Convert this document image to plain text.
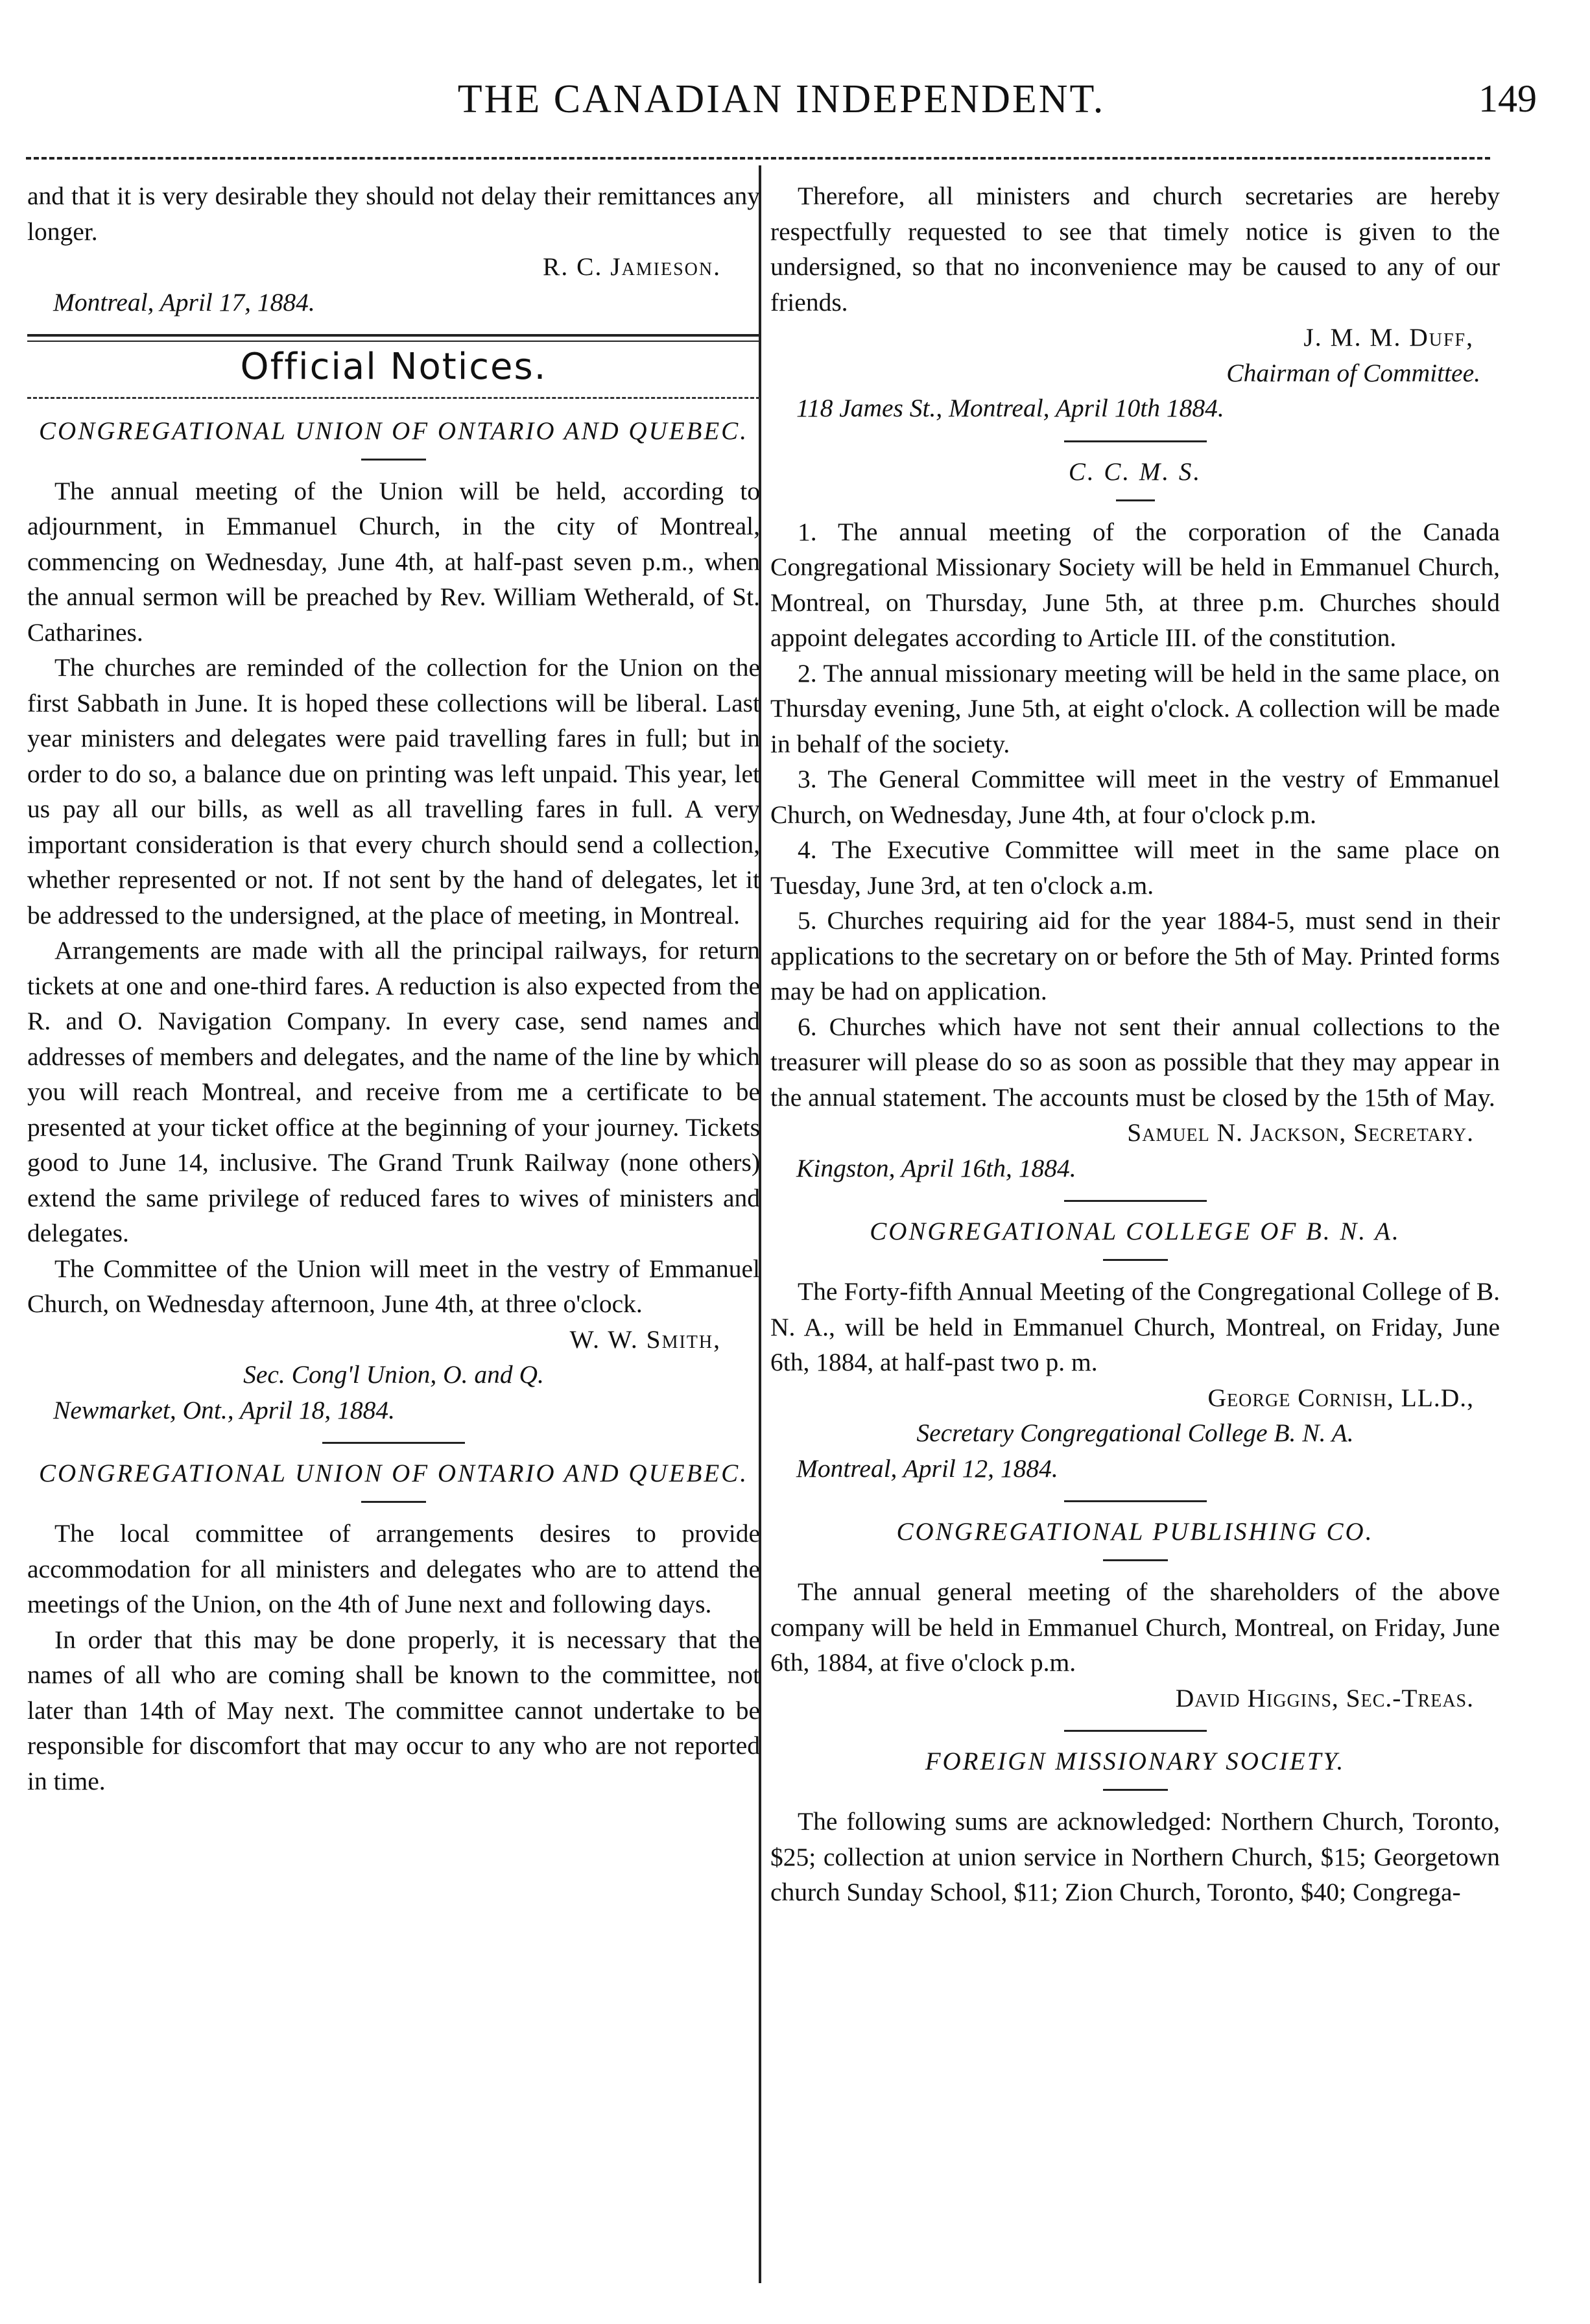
THE CANADIAN INDEPENDENT.	149

and that it is very desirable they should not delay their remittances any longer.

R. C. Jamieson.
Montreal, April 17, 1884.
Official Notices.
CONGREGATIONAL UNION OF ONTARIO AND QUEBEC.

The annual meeting of the Union will be held, according to adjournment, in Emmanuel Church, in the city of Montreal, commencing on Wednesday, June 4th, at half-past seven p.m., when the annual sermon will be preached by Rev. William Wetherald, of St. Catharines.

The churches are reminded of the collection for the Union on the first Sabbath in June. It is hoped these collections will be liberal. Last year ministers and delegates were paid travelling fares in full; but in order to do so, a balance due on printing was left unpaid. This year, let us pay all our bills, as well as all travelling fares in full. A very important consideration is that every church should send a collection, whether represented or not. If not sent by the hand of delegates, let it be addressed to the undersigned, at the place of meeting, in Montreal.

Arrangements are made with all the principal railways, for return tickets at one and one-third fares. A reduction is also expected from the R. and O. Navigation Company. In every case, send names and addresses of members and delegates, and the name of the line by which you will reach Montreal, and receive from me a certificate to be presented at your ticket office at the beginning of your journey. Tickets good to June 14, inclusive. The Grand Trunk Railway (none others) extend the same privilege of reduced fares to wives of ministers and delegates.

The Committee of the Union will meet in the vestry of Emmanuel Church, on Wednesday afternoon, June 4th, at three o'clock.

W. W. Smith,
Sec. Cong'l Union, O. and Q.
Newmarket, Ont., April 18, 1884.
CONGREGATIONAL UNION OF ONTARIO AND QUEBEC.

The local committee of arrangements desires to provide accommodation for all ministers and delegates who are to attend the meetings of the Union, on the 4th of June next and following days.

In order that this may be done properly, it is necessary that the names of all who are coming shall be known to the committee, not later than 14th of May next. The committee cannot undertake to be responsible for discomfort that may occur to any who are not reported in time.

Therefore, all ministers and church secretaries are hereby respectfully requested to see that timely notice is given to the undersigned, so that no inconvenience may be caused to any of our friends.

J. M. M. Duff,
Chairman of Committee.
118 James St., Montreal, April 10th 1884.
C. C. M. S.

1. The annual meeting of the corporation of the Canada Congregational Missionary Society will be held in Emmanuel Church, Montreal, on Thursday, June 5th, at three p.m. Churches should appoint delegates according to Article III. of the constitution.

2. The annual missionary meeting will be held in the same place, on Thursday evening, June 5th, at eight o'clock. A collection will be made in behalf of the society.

3. The General Committee will meet in the vestry of Emmanuel Church, on Wednesday, June 4th, at four o'clock p.m.

4. The Executive Committee will meet in the same place on Tuesday, June 3rd, at ten o'clock a.m.

5. Churches requiring aid for the year 1884-5, must send in their applications to the secretary on or before the 5th of May. Printed forms may be had on application.

6. Churches which have not sent their annual collections to the treasurer will please do so as soon as possible that they may appear in the annual statement. The accounts must be closed by the 15th of May.

Samuel N. Jackson, Secretary.
Kingston, April 16th, 1884.
CONGREGATIONAL COLLEGE OF B. N. A.

The Forty-fifth Annual Meeting of the Congregational College of B. N. A., will be held in Emmanuel Church, Montreal, on Friday, June 6th, 1884, at half-past two p. m.

George Cornish, LL.D.,
Secretary Congregational College B. N. A.
Montreal, April 12, 1884.
CONGREGATIONAL PUBLISHING CO.

The annual general meeting of the shareholders of the above company will be held in Emmanuel Church, Montreal, on Friday, June 6th, 1884, at five o'clock p.m.

David Higgins, Sec.-Treas.
FOREIGN MISSIONARY SOCIETY.

The following sums are acknowledged: Northern Church, Toronto, $25; collection at union service in Northern Church, $15; Georgetown church Sunday School, $11; Zion Church, Toronto, $40; Congrega-
